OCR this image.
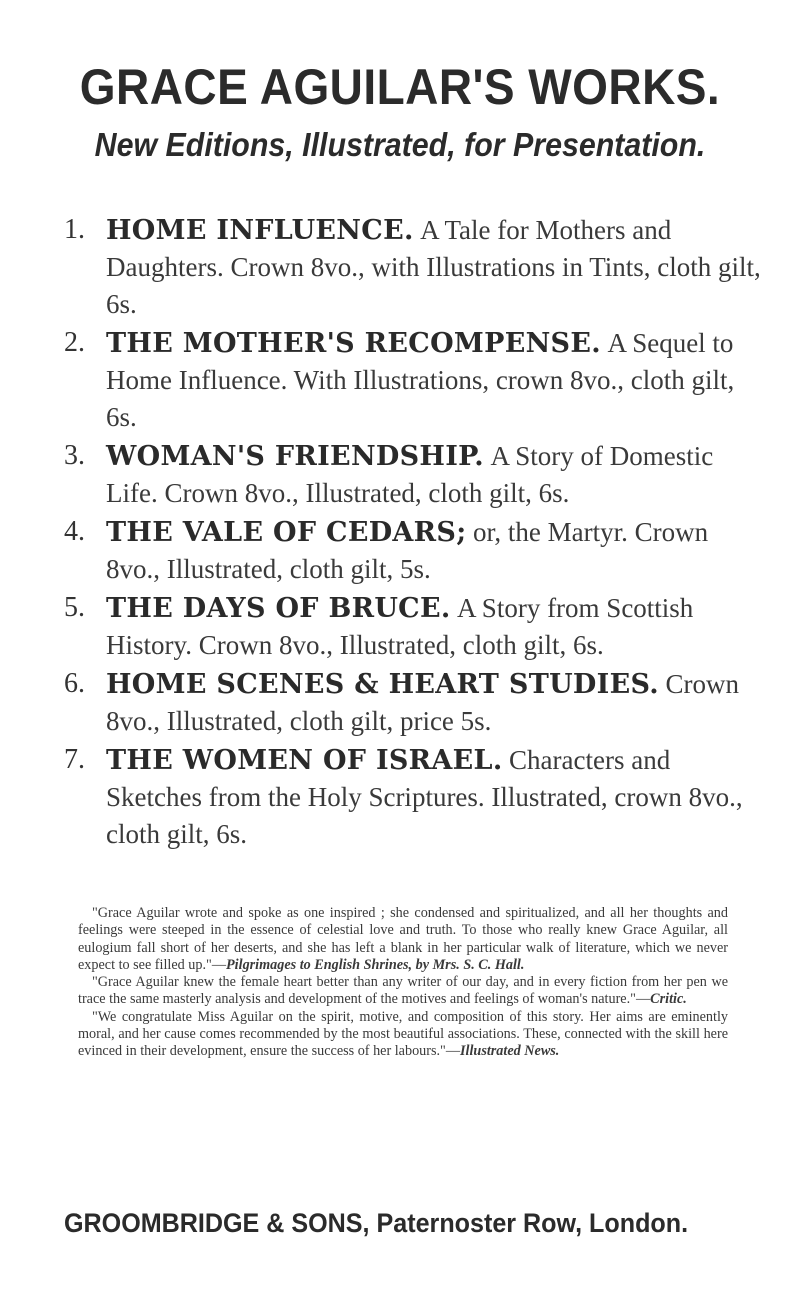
GRACE AGUILAR'S WORKS.
New Editions, Illustrated, for Presentation.
1. HOME INFLUENCE. A Tale for Mothers and Daughters. Crown 8vo., with Illustrations in Tints, cloth gilt, 6s.
2. THE MOTHER'S RECOMPENSE. A Sequel to Home Influence. With Illustrations, crown 8vo., cloth gilt, 6s.
3. WOMAN'S FRIENDSHIP. A Story of Domestic Life. Crown 8vo., Illustrated, cloth gilt, 6s.
4. THE VALE OF CEDARS; or, the Martyr. Crown 8vo., Illustrated, cloth gilt, 5s.
5. THE DAYS OF BRUCE. A Story from Scottish History. Crown 8vo., Illustrated, cloth gilt, 6s.
6. HOME SCENES & HEART STUDIES. Crown 8vo., Illustrated, cloth gilt, price 5s.
7. THE WOMEN OF ISRAEL. Characters and Sketches from the Holy Scriptures. Illustrated, crown 8vo., cloth gilt, 6s.

"Grace Aguilar wrote and spoke as one inspired ; she condensed and spiritualized, and all her thoughts and feelings were steeped in the essence of celestial love and truth. To those who really knew Grace Aguilar, all eulogium fall short of her deserts, and she has left a blank in her particular walk of literature, which we never expect to see filled up."—Pilgrimages to English Shrines, by Mrs. S. C. Hall.

"Grace Aguilar knew the female heart better than any writer of our day, and in every fiction from her pen we trace the same masterly analysis and development of the motives and feelings of woman's nature."—Critic.

"We congratulate Miss Aguilar on the spirit, motive, and composition of this story. Her aims are eminently moral, and her cause comes recommended by the most beautiful associations. These, connected with the skill here evinced in their development, ensure the success of her labours."—Illustrated News.

GROOMBRIDGE & SONS, Paternoster Row, London.
